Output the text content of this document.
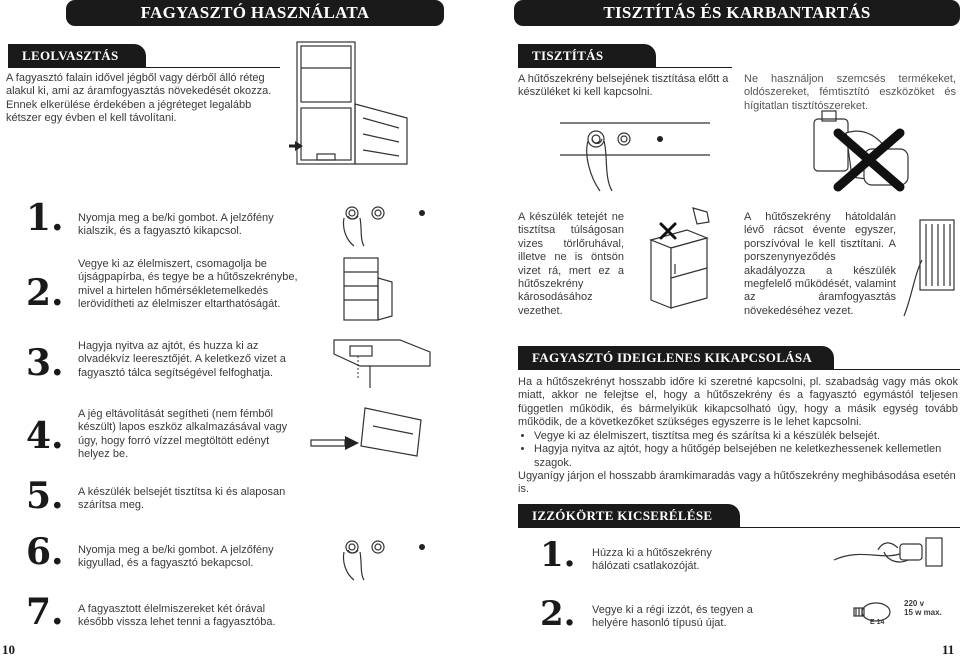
FAGYASZTÓ HASZNÁLATA
LEOLVASZTÁS
A fagyasztó falain idővel jégből vagy dérből álló réteg alakul ki, ami az áramfogyasztás növekedését okozza. Ennek elkerülése érdekében a jégréteget legalább kétszer egy évben el kell távolítani.
1. Nyomja meg a be/ki gombot. A jelzőfény kialszik, és a fagyasztó kikapcsol.
2.
Vegye ki az élelmiszert, csomagolja be újságpapírba, és tegye be a hűtőszekrénybe, mivel a hirtelen hőmérsékletemelkedés lerövidítheti az élelmiszer eltarthatóságát.
3. Hagyja nyitva az ajtót, és huzza ki az olvadékvíz leeresztőjét. A keletkező vizet a fagyasztó tálca segítségével felfoghatja.
4.
A jég eltávolítását segítheti (nem fémből készült) lapos eszköz alkalmazásával vagy úgy, hogy forró vízzel megtöltött edényt helyez be.
5. A készülék belsejét tisztítsa ki és alaposan szárítsa meg.
6. Nyomja meg a be/ki gombot. A jelzőfény kigyullad, és a fagyasztó bekapcsol.
7. A fagyasztott élelmiszereket két órával később vissza lehet tenni a fagyasztóba.
10
TISZTÍTÁS ÉS KARBANTARTÁS
TISZTÍTÁS
A hűtőszekrény belsejének tisztítása előtt a készüléket ki kell kapcsolni.
Ne használjon szemcsés termékeket, oldószereket, fémtisztító eszközöket és hígitatlan tisztítószereket.
A készülék tetejét ne tisztítsa túlságosan vizes törlőruhával, illetve ne is öntsön vizet rá, mert ez a hűtőszekrény károsodásához vezethet.
A hűtőszekrény hátoldalán lévő rácsot évente egyszer, porszívóval le kell tisztítani. A porszenynyeződés akadályozza a készülék megfelelő működését, valamint az áramfogyasztás növekedéséhez vezet.
FAGYASZTÓ IDEIGLENES KIKAPCSOLÁSA
Ha a hűtőszekrényt hosszabb időre ki szeretné kapcsolni, pl. szabadság vagy más okok miatt, akkor ne felejtse el, hogy a hűtőszekrény és a fagyasztó egymástól teljesen független működik, és bármelyikük kikapcsolható úgy, hogy a másik egység tovább működik, de a következőket szükséges egyszerre is le lehet kapcsolni.
• Vegye ki az élelmiszert, tisztítsa meg és szárítsa ki a készülék belsejét.
• Hagyja nyitva az ajtót, hogy a hűtőgép belsejében ne keletkezhessenek kellemetlen szagok.
Ugyanígy járjon el hosszabb áramkimaradás vagy a hűtőszekrény meghibásodása esetén is.
IZZÓKÖRTE KICSERÉLÉSE
1. Húzza ki a hűtőszekrény hálózati csatlakozóját.
2. Vegye ki a régi izzót, és tegyen a helyére hasonló típusú újat.
220 v
15 w max.
E 14
11
